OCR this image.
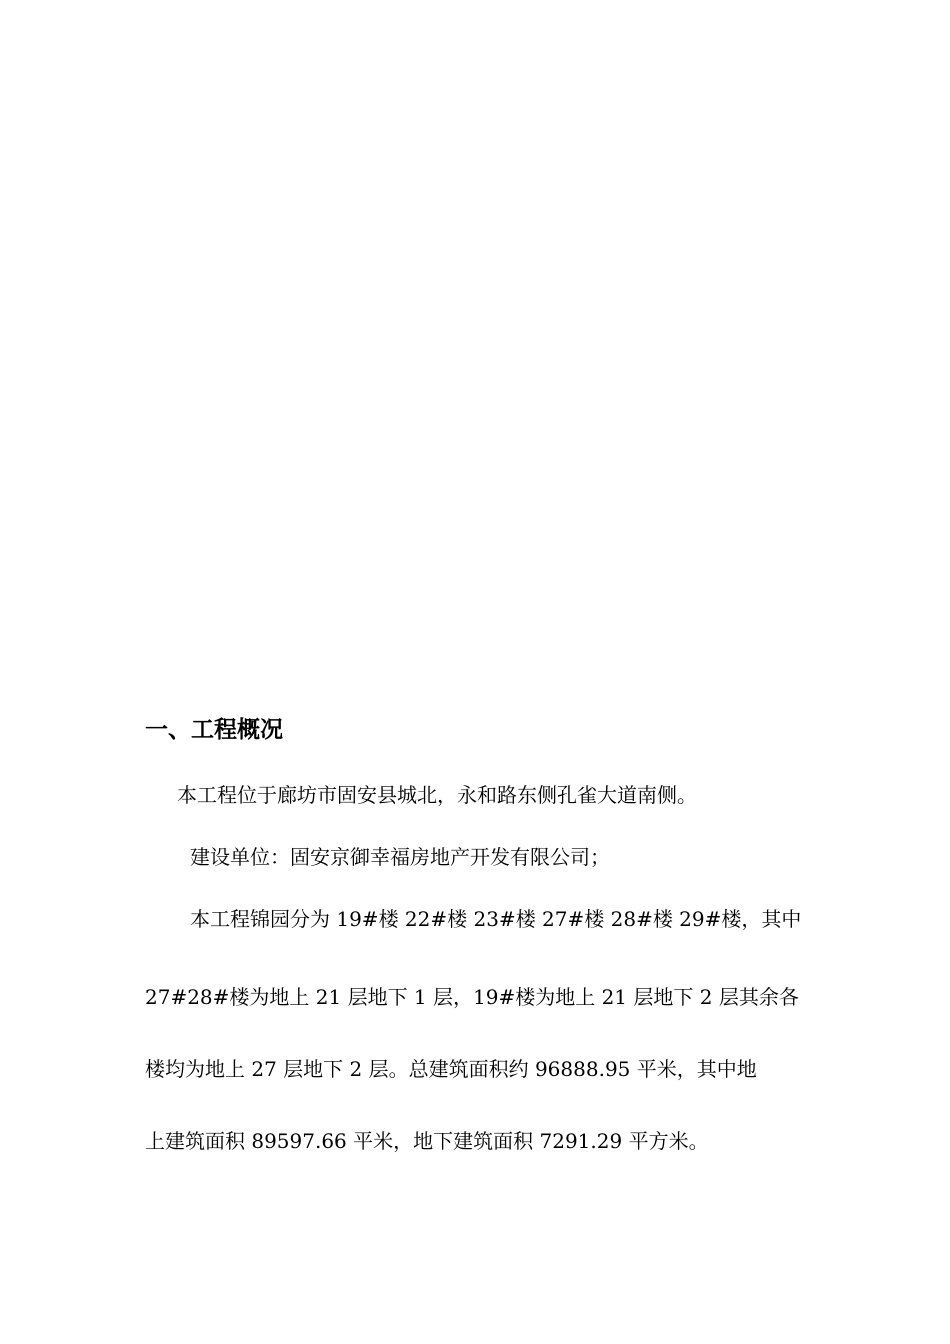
一、工程概况
本工程位于廊坊市固安县城北，永和路东侧孔雀大道南侧。
建设单位：固安京御幸福房地产开发有限公司；
本工程锦园分为 19#楼 22#楼 23#楼 27#楼 28#楼 29#楼，其中
27#28#楼为地上 21 层地下 1 层，19#楼为地上 21 层地下 2 层其余各
楼均为地上 27 层地下 2 层。总建筑面积约 96888.95 平米，其中地
上建筑面积 89597.66 平米，地下建筑面积 7291.29 平方米。
